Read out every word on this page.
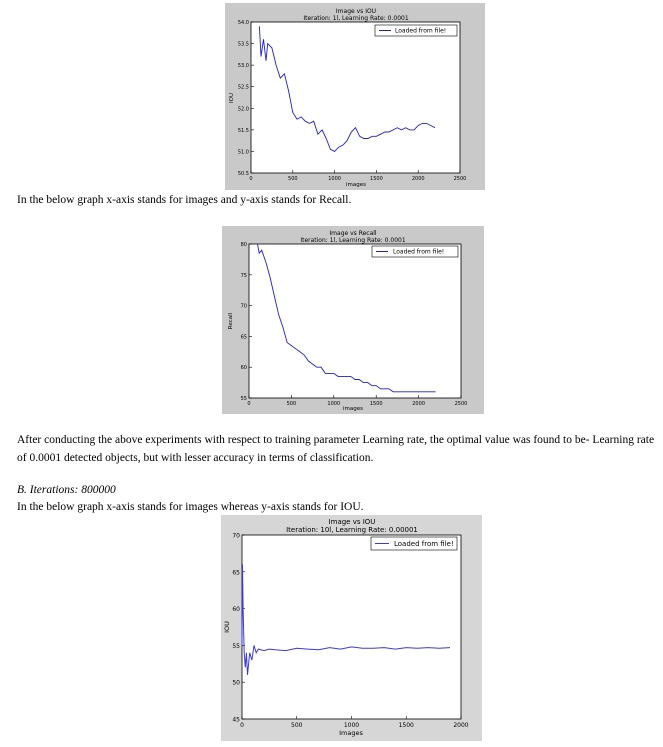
Image vs IOU
Iteration: 1l, Learning Rate: 0.0001
0	500	1000	1500	2000	2500
50.5
51.0
51.5
52.0
52.5
53.0
53.5
54.0
Loaded from file!
images
IOU
In the below graph x-axis stands for images and y-axis stands for Recall.
Image vs Recall
Iteration: 1l, Learning Rate: 0.0001
0	500	1000	1500	2000	2500
55
60
65
70
75
80
Loaded from file!
images
Recall
After conducting the above experiments with respect to training parameter Learning rate, the optimal value was found to be- Learning rate of 0.0001 detected objects, but with lesser accuracy in terms of classification.
B. Iterations: 800000
In the below graph x-axis stands for images whereas y-axis stands for IOU.
Image vs IOU
Iteration: 10l, Learning Rate: 0.00001
0	500	1000	1500	2000
45
50
55
60
65
70
Loaded from file!
Images
IOU
